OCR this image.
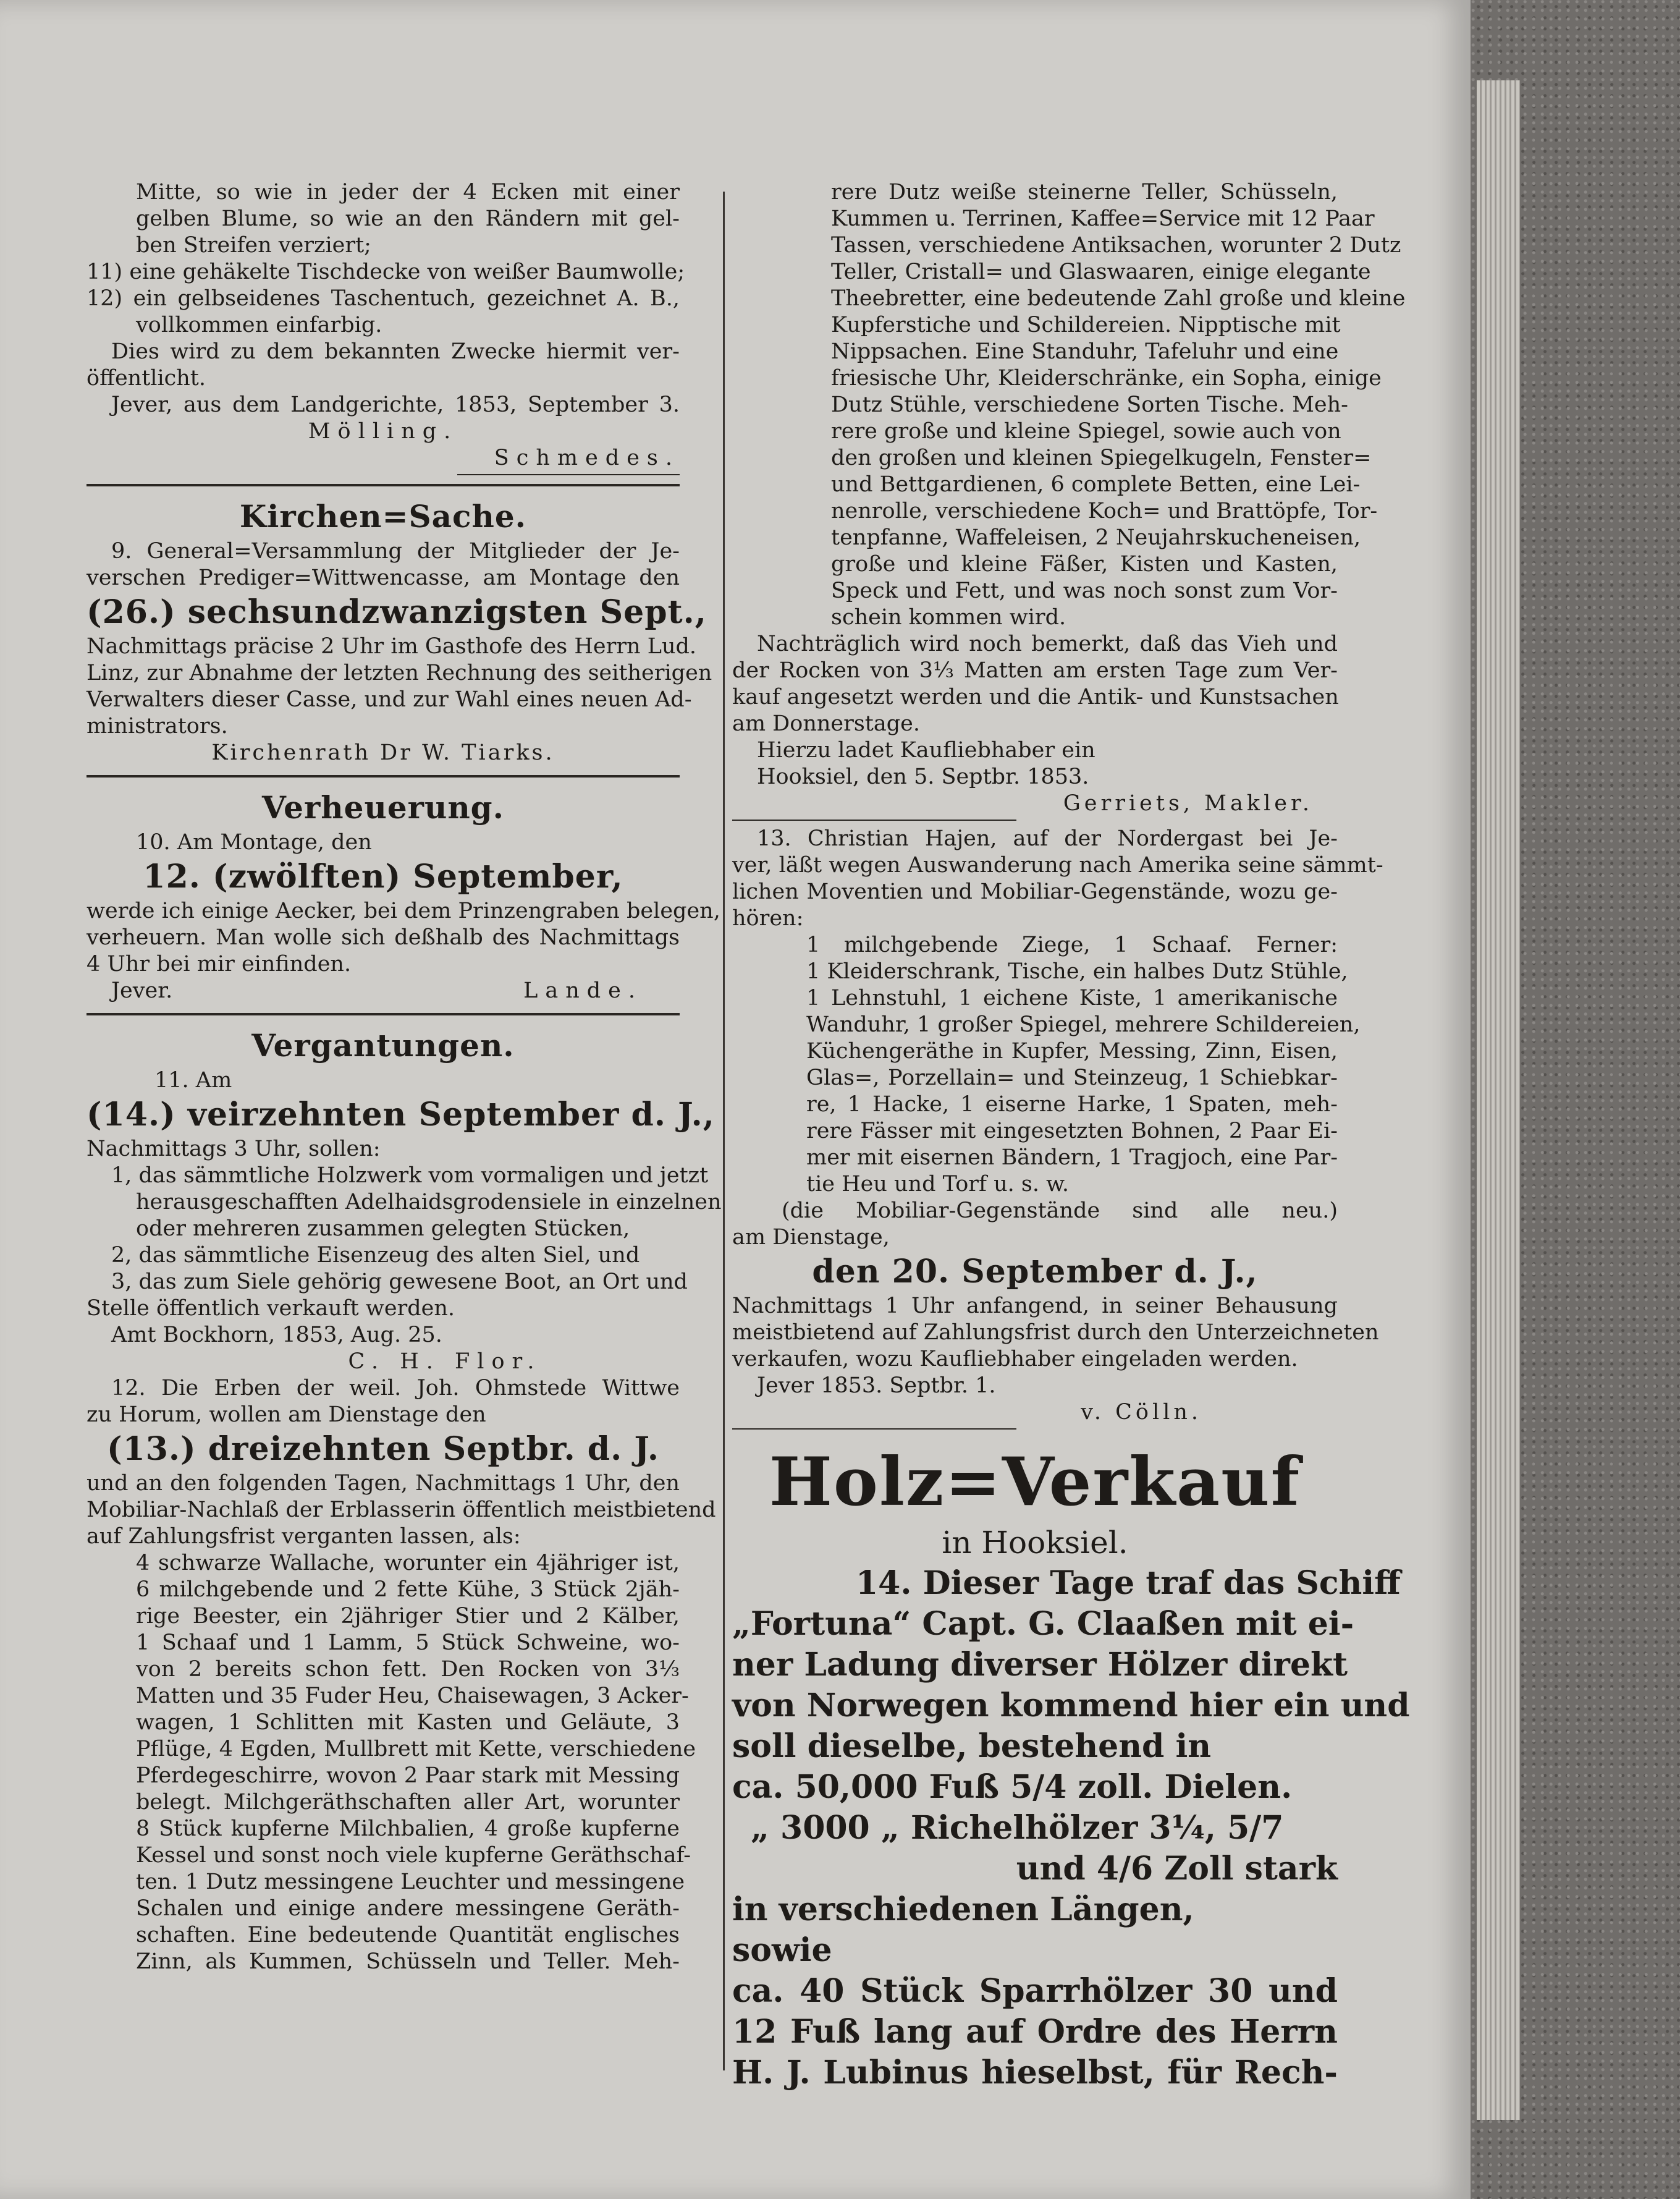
Mitte, so wie in jeder der 4 Ecken mit einer
gelben Blume, so wie an den Rändern mit gel-
ben Streifen verziert;
11) eine gehäkelte Tischdecke von weißer Baumwolle;
12) ein gelbseidenes Taschentuch, gezeichnet A. B.,
vollkommen einfarbig.
Dies wird zu dem bekannten Zwecke hiermit ver-
öffentlicht.
Jever, aus dem Landgerichte, 1853, September 3.
Mölling.
Schmedes.
Kirchen=Sache.
9. General=Versammlung der Mitglieder der Je-
verschen Prediger=Wittwencasse, am Montage den
(26.) sechsundzwanzigsten Sept.,
Nachmittags präcise 2 Uhr im Gasthofe des Herrn Lud.
Linz, zur Abnahme der letzten Rechnung des seitherigen
Verwalters dieser Casse, und zur Wahl eines neuen Ad-
ministrators.
Kirchenrath Dr W. Tiarks.
Verheuerung.
10. Am Montage, den
12. (zwölften) September,
werde ich einige Aecker, bei dem Prinzengraben belegen,
verheuern. Man wolle sich deßhalb des Nachmittags
4 Uhr bei mir einfinden.
Jever.	Lande.
Vergantungen.
11. Am
(14.) veirzehnten September d. J.,
Nachmittags 3 Uhr, sollen:
1, das sämmtliche Holzwerk vom vormaligen und jetzt
herausgeschafften Adelhaidsgrodensiele in einzelnen
oder mehreren zusammen gelegten Stücken,
2, das sämmtliche Eisenzeug des alten Siel, und
3, das zum Siele gehörig gewesene Boot, an Ort und
Stelle öffentlich verkauft werden.
Amt Bockhorn, 1853, Aug. 25.
C. H. Flor.
12. Die Erben der weil. Joh. Ohmstede Wittwe
zu Horum, wollen am Dienstage den
(13.) dreizehnten Septbr. d. J.
und an den folgenden Tagen, Nachmittags 1 Uhr, den
Mobiliar-Nachlaß der Erblasserin öffentlich meistbietend
auf Zahlungsfrist verganten lassen, als:
4 schwarze Wallache, worunter ein 4jähriger ist,
6 milchgebende und 2 fette Kühe, 3 Stück 2jäh-
rige Beester, ein 2jähriger Stier und 2 Kälber,
1 Schaaf und 1 Lamm, 5 Stück Schweine, wo-
von 2 bereits schon fett. Den Rocken von 3⅓
Matten und 35 Fuder Heu, Chaisewagen, 3 Acker-
wagen, 1 Schlitten mit Kasten und Geläute, 3
Pflüge, 4 Egden, Mullbrett mit Kette, verschiedene
Pferdegeschirre, wovon 2 Paar stark mit Messing
belegt. Milchgeräthschaften aller Art, worunter
8 Stück kupferne Milchbalien, 4 große kupferne
Kessel und sonst noch viele kupferne Geräthschaf-
ten. 1 Dutz messingene Leuchter und messingene
Schalen und einige andere messingene Geräth-
schaften. Eine bedeutende Quantität englisches
Zinn, als Kummen, Schüsseln und Teller. Meh-
rere Dutz weiße steinerne Teller, Schüsseln,
Kummen u. Terrinen, Kaffee=Service mit 12 Paar
Tassen, verschiedene Antiksachen, worunter 2 Dutz
Teller, Cristall= und Glaswaaren, einige elegante
Theebretter, eine bedeutende Zahl große und kleine
Kupferstiche und Schildereien. Nipptische mit
Nippsachen. Eine Standuhr, Tafeluhr und eine
friesische Uhr, Kleiderschränke, ein Sopha, einige
Dutz Stühle, verschiedene Sorten Tische. Meh-
rere große und kleine Spiegel, sowie auch von
den großen und kleinen Spiegelkugeln, Fenster=
und Bettgardienen, 6 complete Betten, eine Lei-
nenrolle, verschiedene Koch= und Brattöpfe, Tor-
tenpfanne, Waffeleisen, 2 Neujahrskucheneisen,
große und kleine Fäßer, Kisten und Kasten,
Speck und Fett, und was noch sonst zum Vor-
schein kommen wird.
Nachträglich wird noch bemerkt, daß das Vieh und
der Rocken von 3⅓ Matten am ersten Tage zum Ver-
kauf angesetzt werden und die Antik- und Kunstsachen
am Donnerstage.
Hierzu ladet Kaufliebhaber ein
Hooksiel, den 5. Septbr. 1853.
Gerriets, Makler.
13. Christian Hajen, auf der Nordergast bei Je-
ver, läßt wegen Auswanderung nach Amerika seine sämmt-
lichen Moventien und Mobiliar-Gegenstände, wozu ge-
hören:
1 milchgebende Ziege, 1 Schaaf. Ferner:
1 Kleiderschrank, Tische, ein halbes Dutz Stühle,
1 Lehnstuhl, 1 eichene Kiste, 1 amerikanische
Wanduhr, 1 großer Spiegel, mehrere Schildereien,
Küchengeräthe in Kupfer, Messing, Zinn, Eisen,
Glas=, Porzellain= und Steinzeug, 1 Schiebkar-
re, 1 Hacke, 1 eiserne Harke, 1 Spaten, meh-
rere Fässer mit eingesetzten Bohnen, 2 Paar Ei-
mer mit eisernen Bändern, 1 Tragjoch, eine Par-
tie Heu und Torf u. s. w.
(die Mobiliar-Gegenstände sind alle neu.)
am Dienstage,
den 20. September d. J.,
Nachmittags 1 Uhr anfangend, in seiner Behausung
meistbietend auf Zahlungsfrist durch den Unterzeichneten
verkaufen, wozu Kaufliebhaber eingeladen werden.
Jever 1853. Septbr. 1.
v. Cölln.
Holz=Verkauf
in Hooksiel.
14. Dieser Tage traf das Schiff
„Fortuna“ Capt. G. Claaßen mit ei-
ner Ladung diverser Hölzer direkt
von Norwegen kommend hier ein und
soll dieselbe, bestehend in
ca. 50,000 Fuß 5/4 zoll. Dielen.
„ 3000 „ Richelhölzer 3¼, 5/7
und 4/6 Zoll stark
in verschiedenen Längen,
sowie
ca. 40 Stück Sparrhölzer 30 und
12 Fuß lang auf Ordre des Herrn
H. J. Lubinus hieselbst, für Rech-
